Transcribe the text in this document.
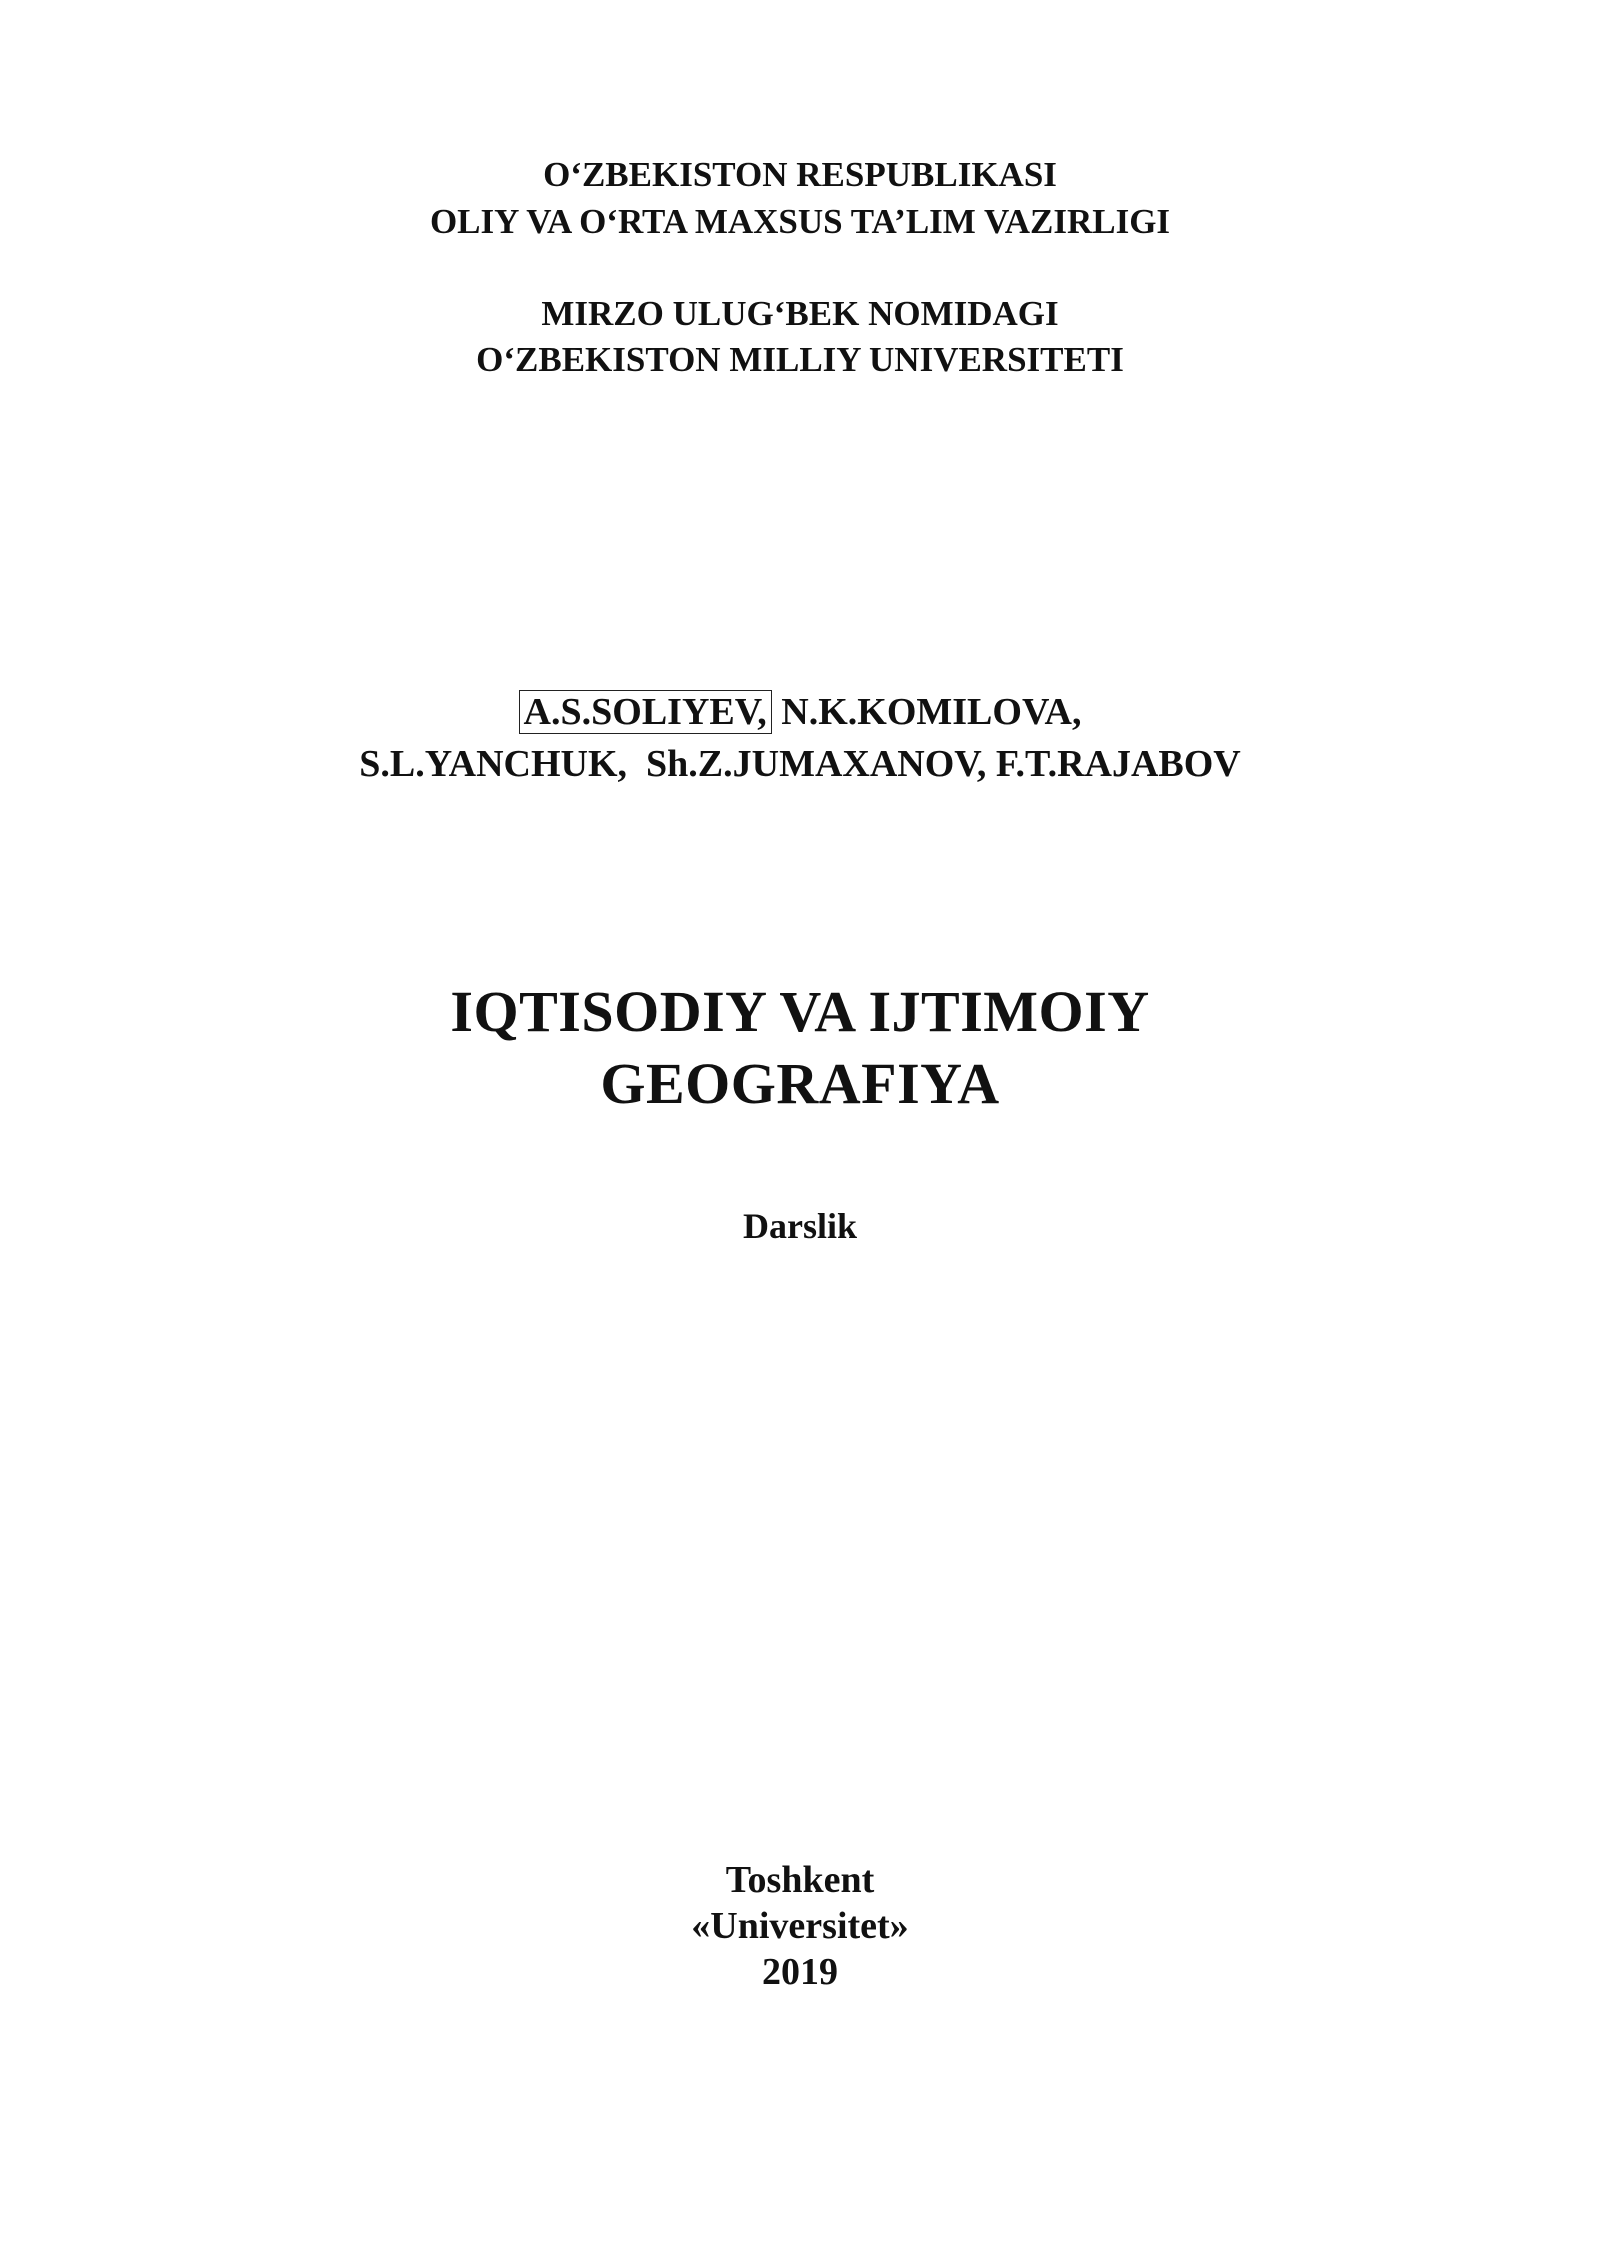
O‘ZBEKISTON RESPUBLIKASI

OLIY VA O‘RTA MAXSUS TA’LIM VAZIRLIGI

MIRZO ULUG‘BEK NOMIDAGI

O‘ZBEKISTON MILLIY UNIVERSITETI

A.S.SOLIYEV, N.K.KOMILOVA,

S.L.YANCHUK,  Sh.Z.JUMAXANOV, F.T.RAJABOV

IQTISODIY VA IJTIMOIY

GEOGRAFIYA

Darslik

Toshkent

«Universitet»

2019
